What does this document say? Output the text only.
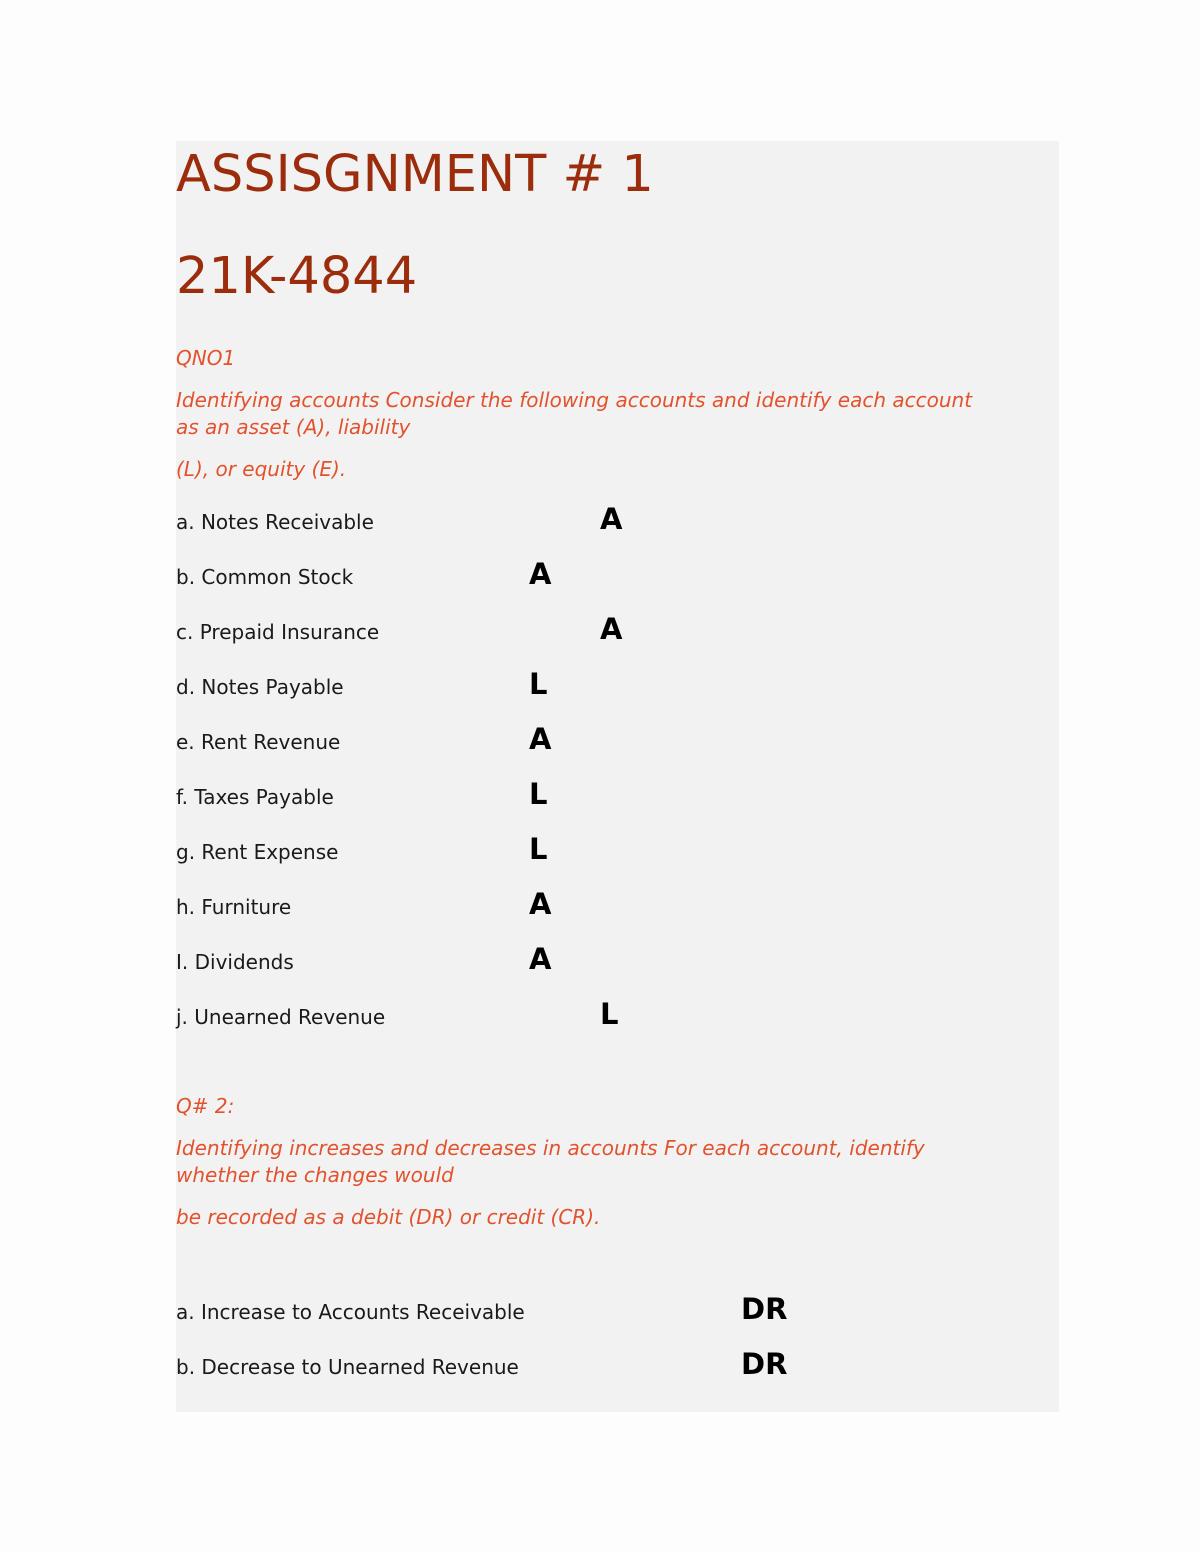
ASSISGNMENT # 1
21K-4844
QNO1
Identifying accounts Consider the following accounts and identify each account
as an asset (A), liability
(L), or equity (E).
a. Notes Receivable	A
b. Common Stock	A
c. Prepaid Insurance	A
d. Notes Payable	L
e. Rent Revenue	A
f. Taxes Payable	L
g. Rent Expense	L
h. Furniture	A
I. Dividends	A
j. Unearned Revenue	L
Q# 2:
Identifying increases and decreases in accounts For each account, identify
whether the changes would
be recorded as a debit (DR) or credit (CR).
a. Increase to Accounts Receivable	DR
b. Decrease to Unearned Revenue	DR
